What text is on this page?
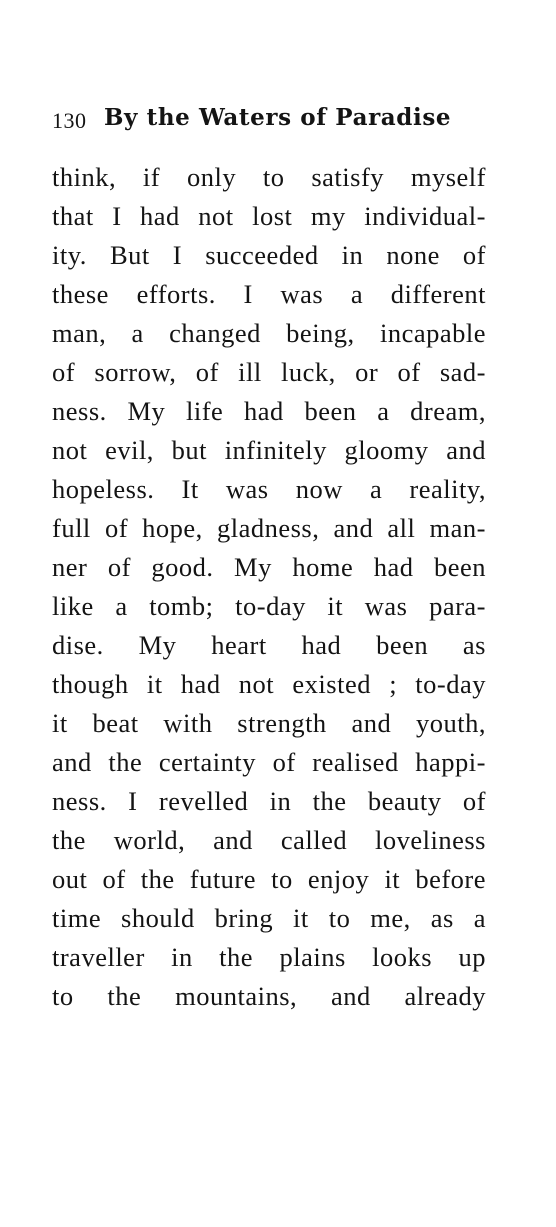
130 By the Waters of Paradise
think, if only to satisfy myself
that I had not lost my individual-
ity. But I succeeded in none of
these efforts. I was a different
man, a changed being, incapable
of sorrow, of ill luck, or of sad-
ness. My life had been a dream,
not evil, but infinitely gloomy and
hopeless. It was now a reality,
full of hope, gladness, and all man-
ner of good. My home had been
like a tomb; to-day it was para-
dise. My heart had been as
though it had not existed ; to-day
it beat with strength and youth,
and the certainty of realised happi-
ness. I revelled in the beauty of
the world, and called loveliness
out of the future to enjoy it before
time should bring it to me, as a
traveller in the plains looks up
to the mountains, and already
